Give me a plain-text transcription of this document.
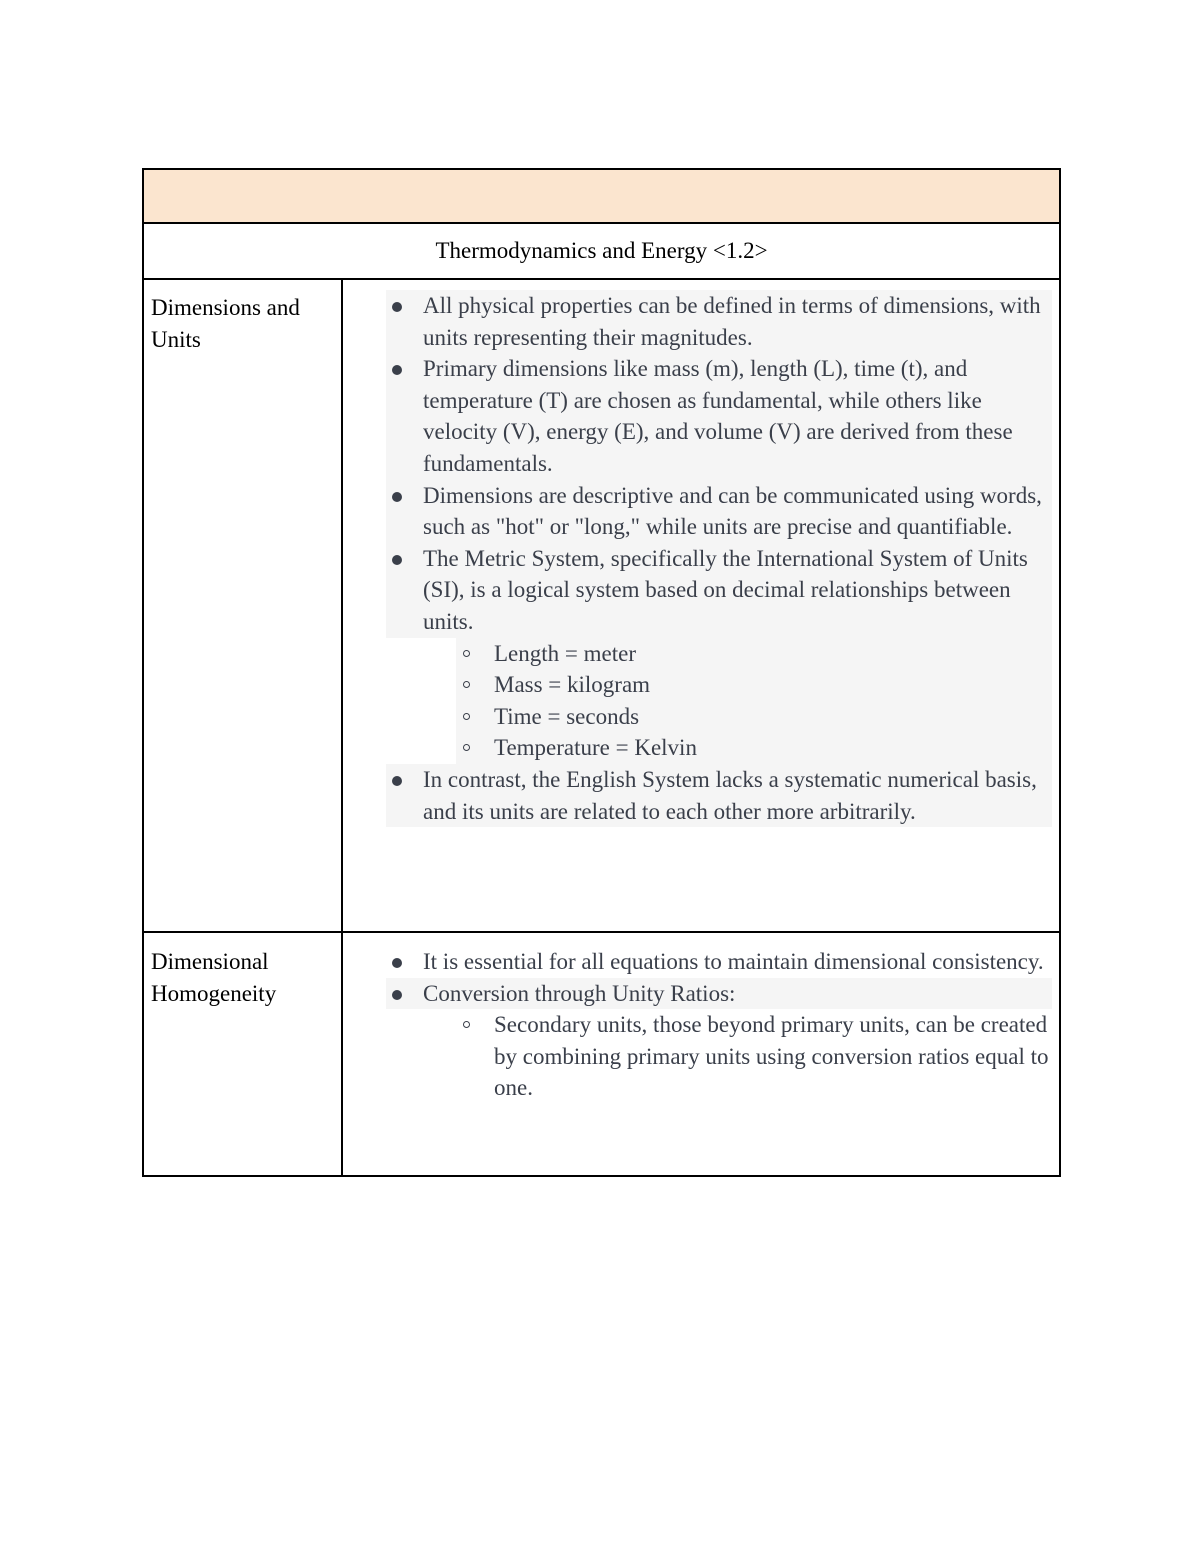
Thermodynamics and Energy <1.2>
Dimensions and Units
All physical properties can be defined in terms of dimensions, with units representing their magnitudes.
Primary dimensions like mass (m), length (L), time (t), and temperature (T) are chosen as fundamental, while others like velocity (V), energy (E), and volume (V) are derived from these fundamentals.
Dimensions are descriptive and can be communicated using words, such as "hot" or "long," while units are precise and quantifiable.
The Metric System, specifically the International System of Units (SI), is a logical system based on decimal relationships between units.
Length = meter
Mass = kilogram
Time = seconds
Temperature = Kelvin
In contrast, the English System lacks a systematic numerical basis, and its units are related to each other more arbitrarily.
Dimensional Homogeneity
It is essential for all equations to maintain dimensional consistency.
Conversion through Unity Ratios:
Secondary units, those beyond primary units, can be created by combining primary units using conversion ratios equal to one.
